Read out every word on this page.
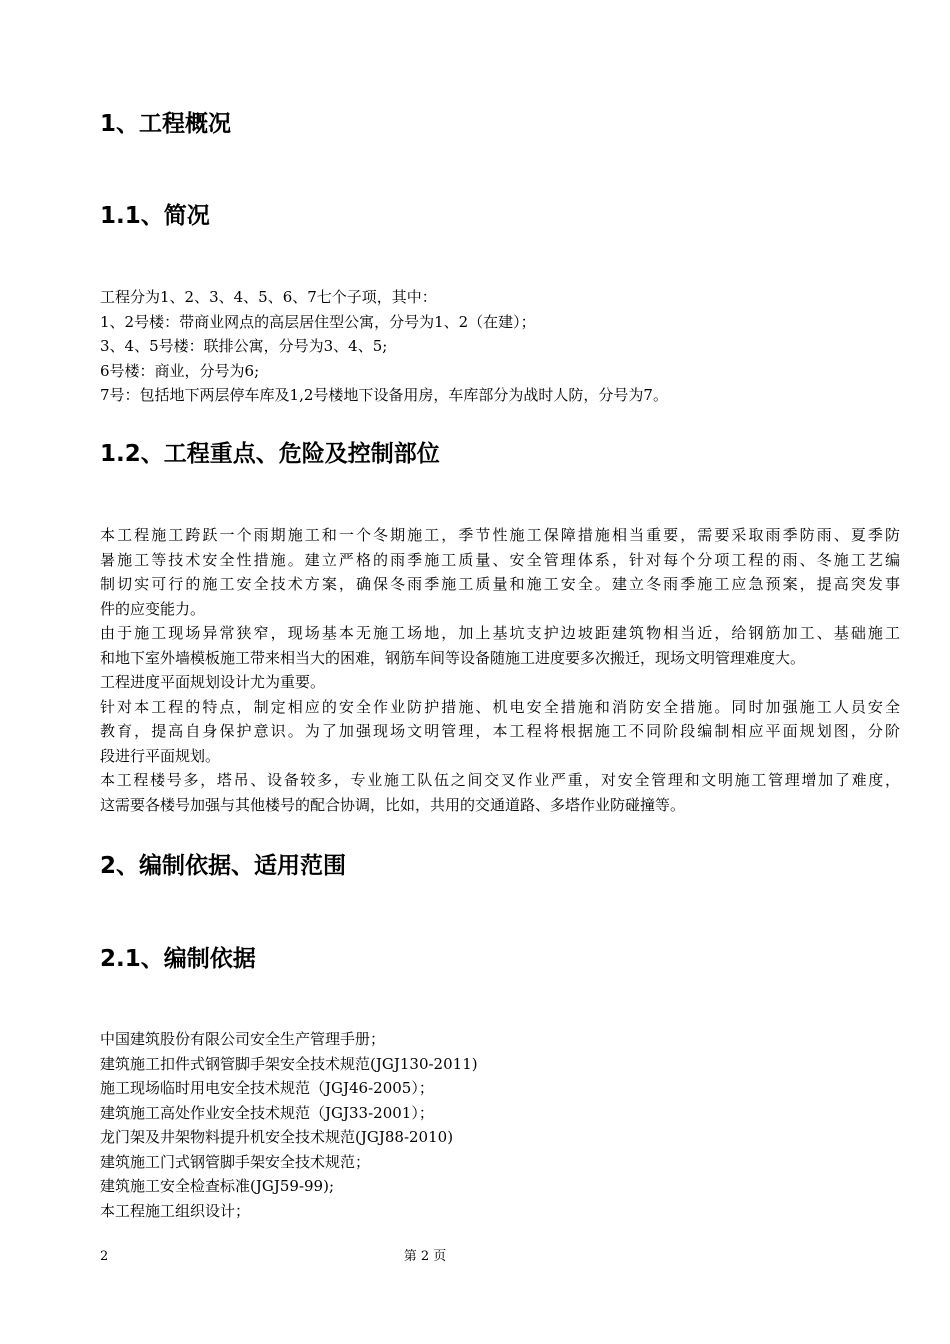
1、工程概况
1.1、简况
工程分为1、2、3、4、5、6、7七个子项，其中：
1、2号楼：带商业网点的高层居住型公寓，分号为1、2（在建）；
3、4、5号楼：联排公寓，分号为3、4、5;
6号楼：商业，分号为6;
7号：包括地下两层停车库及1,2号楼地下设备用房，车库部分为战时人防，分号为7。
1.2、工程重点、危险及控制部位
本工程施工跨跃一个雨期施工和一个冬期施工，季节性施工保障措施相当重要，需要采取雨季防雨、夏季防
暑施工等技术安全性措施。建立严格的雨季施工质量、安全管理体系，针对每个分项工程的雨、冬施工艺编
制切实可行的施工安全技术方案，确保冬雨季施工质量和施工安全。建立冬雨季施工应急预案，提高突发事
件的应变能力。
由于施工现场异常狭窄，现场基本无施工场地，加上基坑支护边坡距建筑物相当近，给钢筋加工、基础施工
和地下室外墙模板施工带来相当大的困难，钢筋车间等设备随施工进度要多次搬迁，现场文明管理难度大。
工程进度平面规划设计尤为重要。
针对本工程的特点，制定相应的安全作业防护措施、机电安全措施和消防安全措施。同时加强施工人员安全
教育，提高自身保护意识。为了加强现场文明管理，本工程将根据施工不同阶段编制相应平面规划图，分阶
段进行平面规划。
本工程楼号多，塔吊、设备较多，专业施工队伍之间交叉作业严重，对安全管理和文明施工管理增加了难度，
这需要各楼号加强与其他楼号的配合协调，比如，共用的交通道路、多塔作业防碰撞等。
2、编制依据、适用范围
2.1、编制依据
中国建筑股份有限公司安全生产管理手册；
建筑施工扣件式钢管脚手架安全技术规范(JGJ130-2011)
施工现场临时用电安全技术规范（JGJ46-2005）；
建筑施工高处作业安全技术规范（JGJ33-2001）；
龙门架及井架物料提升机安全技术规范(JGJ88-2010)
建筑施工门式钢管脚手架安全技术规范；
建筑施工安全检查标准(JGJ59-99);
本工程施工组织设计；
2	第 2 页
